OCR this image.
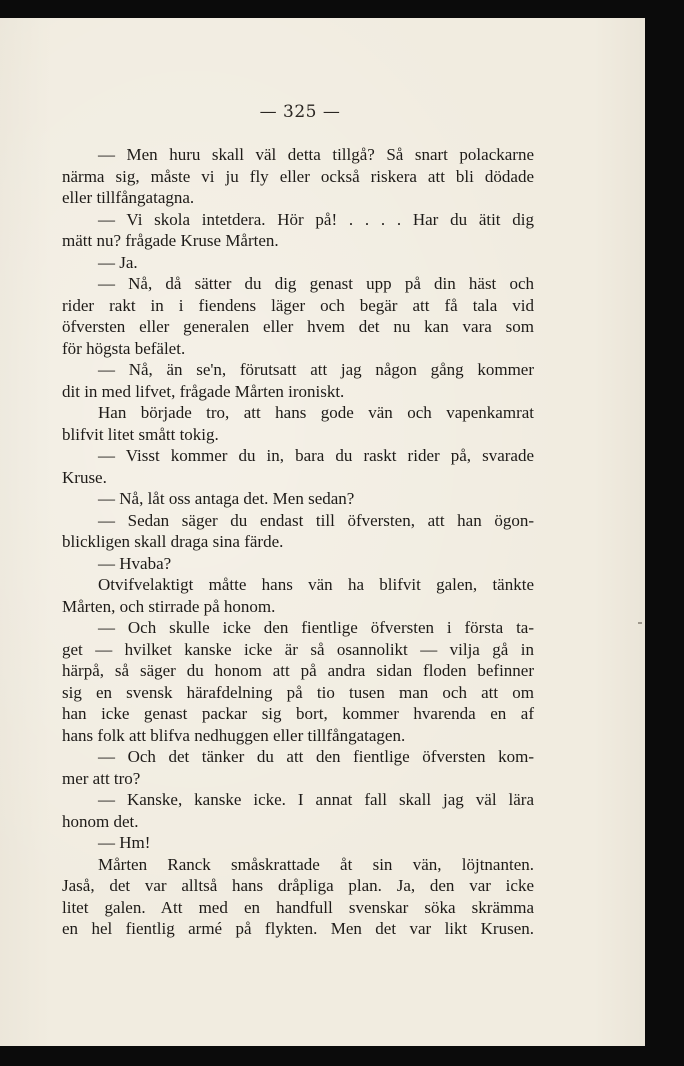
— 325 —
— Men huru skall väl detta tillgå? Så snart polackarne
närma sig, måste vi ju fly eller också riskera att bli dödade
eller tillfångatagna.
— Vi skola intetdera. Hör på! . . . . Har du ätit dig
mätt nu? frågade Kruse Mårten.
— Ja.
— Nå, då sätter du dig genast upp på din häst och
rider rakt in i fiendens läger och begär att få tala vid
öfversten eller generalen eller hvem det nu kan vara som
för högsta befälet.
— Nå, än se'n, förutsatt att jag någon gång kommer
dit in med lifvet, frågade Mårten ironiskt.
Han började tro, att hans gode vän och vapenkamrat
blifvit litet smått tokig.
— Visst kommer du in, bara du raskt rider på, svarade
Kruse.
— Nå, låt oss antaga det. Men sedan?
— Sedan säger du endast till öfversten, att han ögon-
blickligen skall draga sina färde.
— Hvaba?
Otvifvelaktigt måtte hans vän ha blifvit galen, tänkte
Mårten, och stirrade på honom.
— Och skulle icke den fientlige öfversten i första ta-
get — hvilket kanske icke är så osannolikt — vilja gå in
härpå, så säger du honom att på andra sidan floden befinner
sig en svensk härafdelning på tio tusen man och att om
han icke genast packar sig bort, kommer hvarenda en af
hans folk att blifva nedhuggen eller tillfångatagen.
— Och det tänker du att den fientlige öfversten kom-
mer att tro?
— Kanske, kanske icke. I annat fall skall jag väl lära
honom det.
— Hm!
Mårten Ranck småskrattade åt sin vän, löjtnanten.
Jaså, det var alltså hans dråpliga plan. Ja, den var icke
litet galen. Att med en handfull svenskar söka skrämma
en hel fientlig armé på flykten. Men det var likt Krusen.
